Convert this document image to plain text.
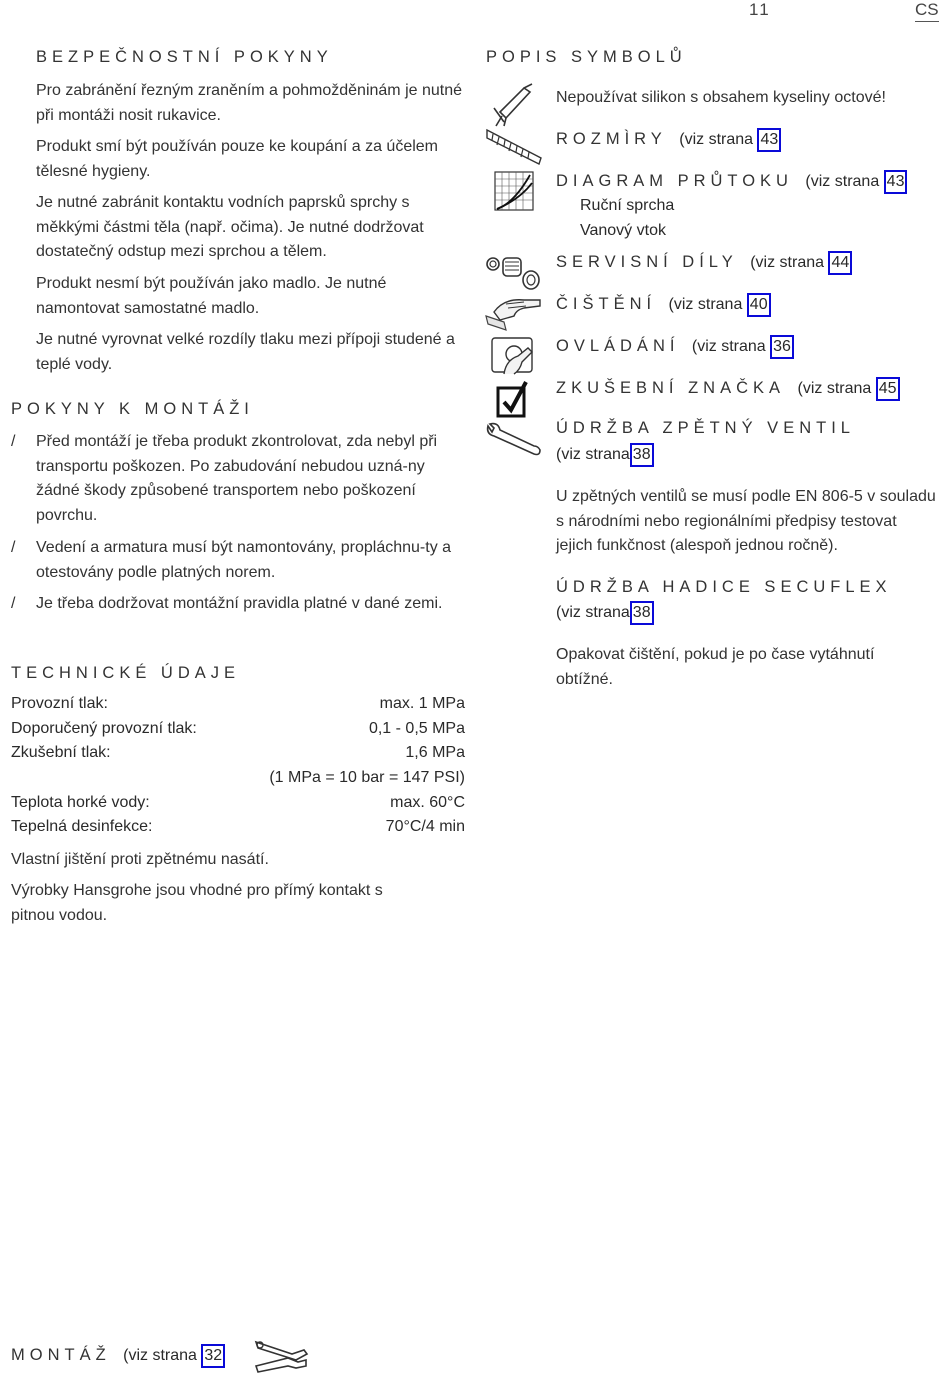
11	CS
BEZPEČNOSTNÍ POKYNY
Pro zabránění řezným zraněním a pohmožděninám je nutné při montáži nosit rukavice.
Produkt smí být používán pouze ke koupání a za účelem tělesné hygieny.
Je nutné zabránit kontaktu vodních paprsků sprchy s měkkými částmi těla (např. očima). Je nutné dodržovat dostatečný odstup mezi sprchou a tělem.
Produkt nesmí být používán jako madlo. Je nutné namontovat samostatné madlo.
Je nutné vyrovnat velké rozdíly tlaku mezi přípoji studené a teplé vody.
POKYNY K MONTÁŽI
/ Před montáží je třeba produkt zkontrolovat, zda nebyl při transportu poškozen. Po zabudování nebudou uzná-ny žádné škody způsobené transportem nebo poškození povrchu.
/ Vedení a armatura musí být namontovány, propláchnu-ty a otestovány podle platných norem.
/ Je třeba dodržovat montážní pravidla platné v dané zemi.
TECHNICKÉ ÚDAJE
Provozní tlak:	max. 1 MPa
Doporučený provozní tlak:	0,1 - 0,5 MPa
Zkušební tlak:	1,6 MPa
(1 MPa = 10 bar = 147 PSI)
Teplota horké vody:	max. 60°C
Tepelná desinfekce:	70°C/4 min
Vlastní jištění proti zpětnému nasátí.
Výrobky Hansgrohe jsou vhodné pro přímý kontakt s pitnou vodou.
MONTÁŽ (viz strana 32
POPIS SYMBOLŮ
Nepoužívat silikon s obsahem kyseliny octové!
ROZMÌRY (viz strana 43
DIAGRAM PRŮTOKU (viz strana 43
Ruční sprcha
Vanový vtok
SERVISNÍ DÍLY (viz strana 44
ČIŠTĚNÍ (viz strana 40
OVLÁDÁNÍ (viz strana 36
ZKUŠEBNÍ ZNAČKA (viz strana 45
ÚDRŽBA ZPĚTNÝ VENTIL
(viz strana 38
U zpětných ventilů se musí podle EN 806-5 v souladu s národními nebo regionálními předpisy testovat jejich funkčnost (alespoň jednou ročně).
ÚDRŽBA HADICE SECUFLEX
(viz strana 38
Opakovat čištění, pokud je po čase vytáhnutí obtížné.
